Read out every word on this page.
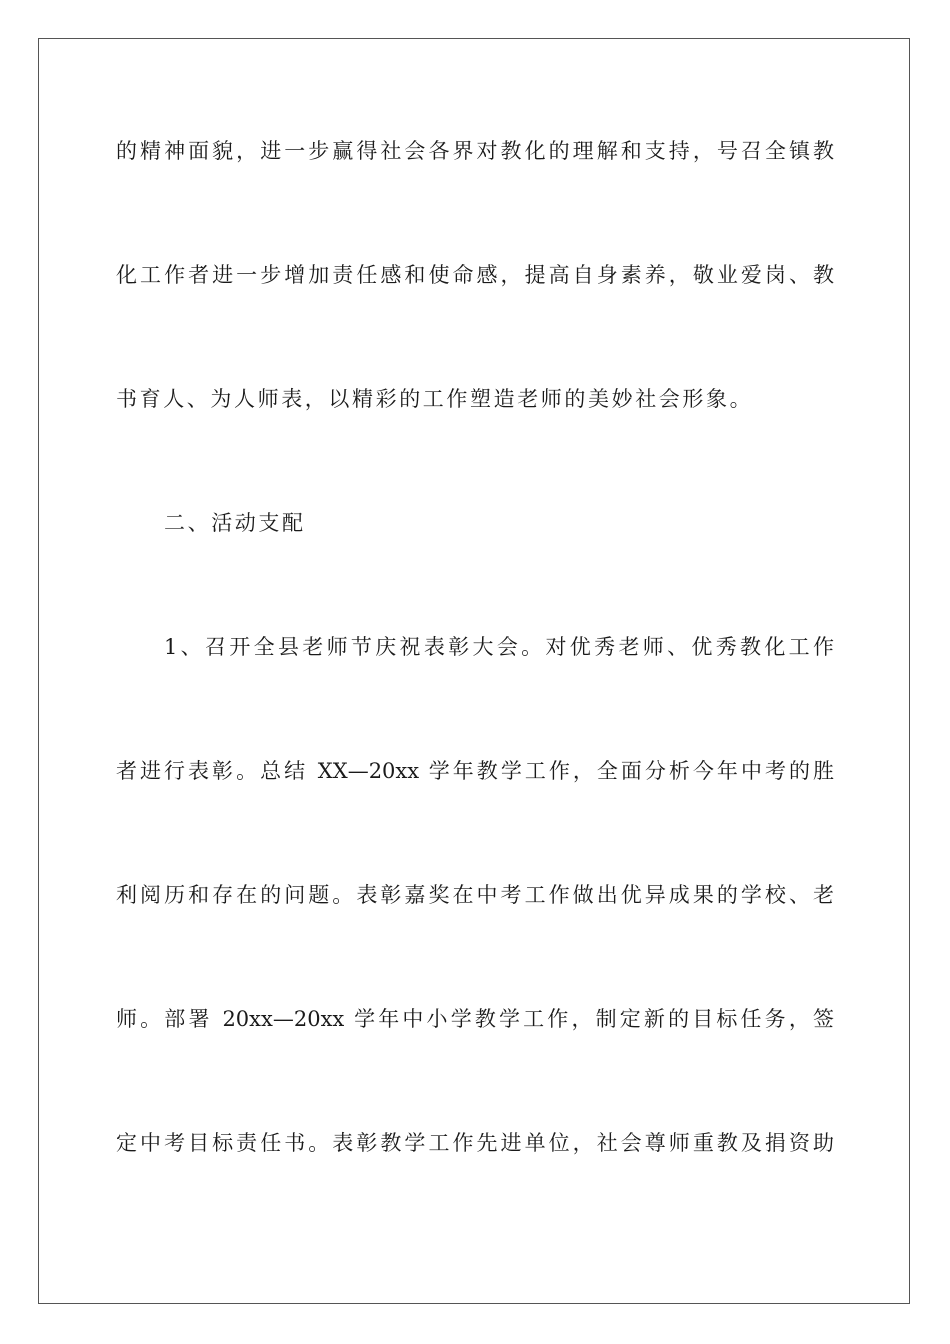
的精神面貌，进一步赢得社会各界对教化的理解和支持，号召全镇教
化工作者进一步增加责任感和使命感，提高自身素养，敬业爱岗、教
书育人、为人师表，以精彩的工作塑造老师的美妙社会形象。
二、活动支配
1、召开全县老师节庆祝表彰大会。对优秀老师、优秀教化工作
者进行表彰。总结 XX—20xx 学年教学工作，全面分析今年中考的胜
利阅历和存在的问题。表彰嘉奖在中考工作做出优异成果的学校、老
师。部署 20xx—20xx 学年中小学教学工作，制定新的目标任务，签
定中考目标责任书。表彰教学工作先进单位，社会尊师重教及捐资助
